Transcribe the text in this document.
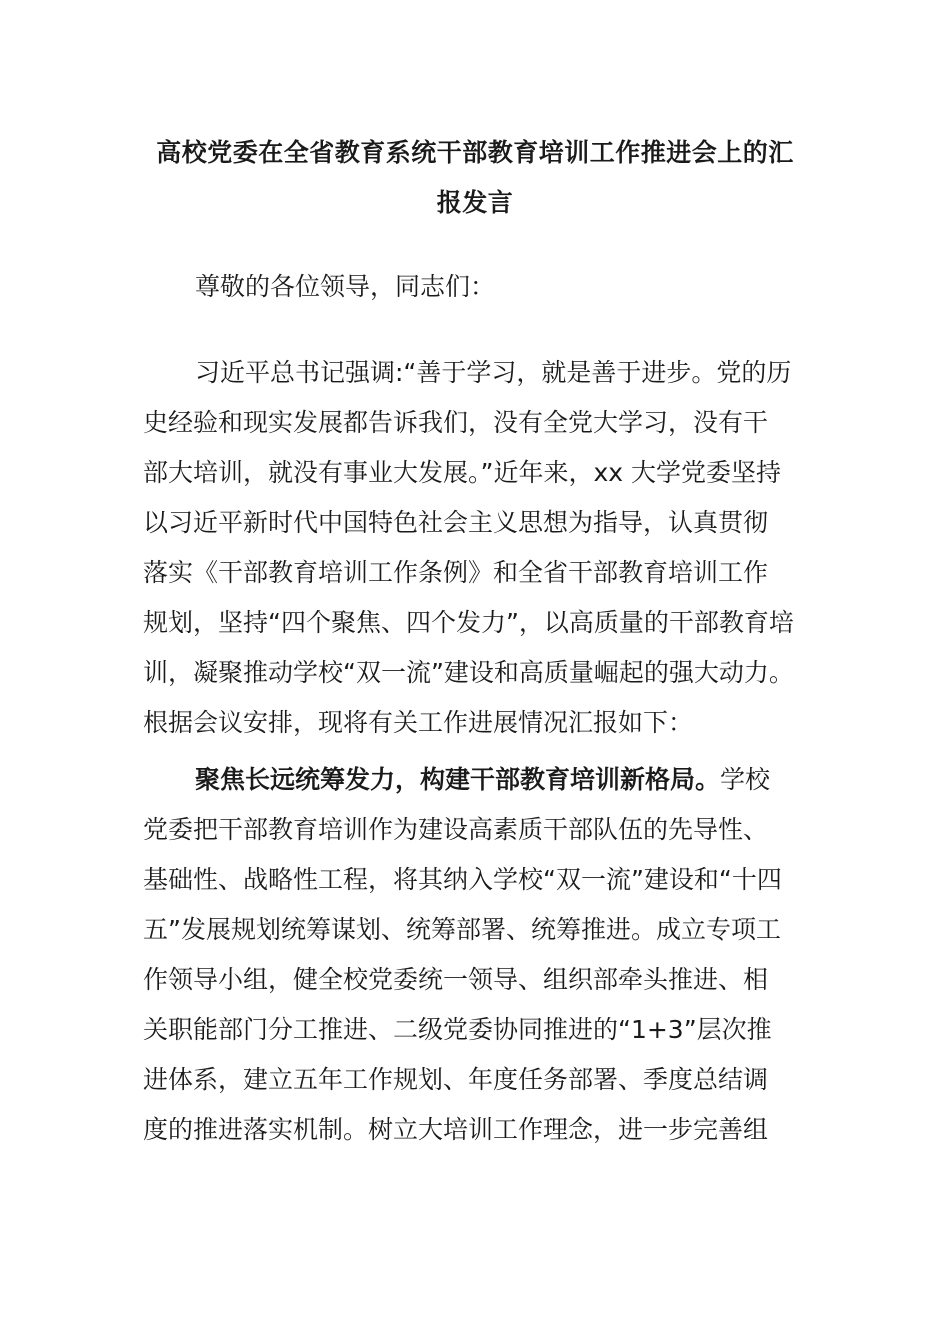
高校党委在全省教育系统干部教育培训工作推进会上的汇
报发言
尊敬的各位领导，同志们：
习近平总书记强调:“善于学习，就是善于进步。党的历
史经验和现实发展都告诉我们，没有全党大学习，没有干
部大培训，就没有事业大发展。”近年来，xx 大学党委坚持
以习近平新时代中国特色社会主义思想为指导，认真贯彻
落实《干部教育培训工作条例》和全省干部教育培训工作
规划，坚持“四个聚焦、四个发力”，以高质量的干部教育培
训，凝聚推动学校“双一流”建设和高质量崛起的强大动力。
根据会议安排，现将有关工作进展情况汇报如下：
聚焦长远统筹发力，构建干部教育培训新格局。学校
党委把干部教育培训作为建设高素质干部队伍的先导性、
基础性、战略性工程，将其纳入学校“双一流”建设和“十四
五”发展规划统筹谋划、统筹部署、统筹推进。成立专项工
作领导小组，健全校党委统一领导、组织部牵头推进、相
关职能部门分工推进、二级党委协同推进的“1+3”层次推
进体系，建立五年工作规划、年度任务部署、季度总结调
度的推进落实机制。树立大培训工作理念，进一步完善组
